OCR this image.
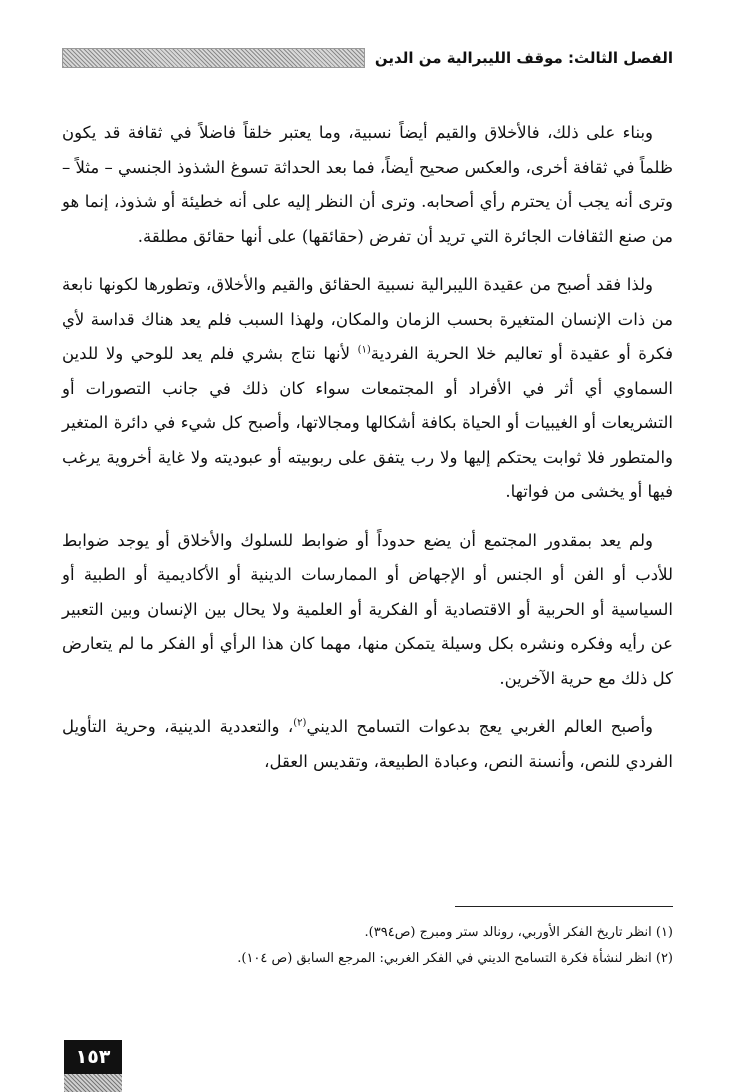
الفصل الثالث: موقف الليبرالية من الدين

وبناء على ذلك، فالأخلاق والقيم أيضاً نسبية، وما يعتبر خلقاً فاضلاً في ثقافة قد يكون ظلماً في ثقافة أخرى، والعكس صحيح أيضاً، فما بعد الحداثة تسوغ الشذوذ الجنسي – مثلاً – وترى أنه يجب أن يحترم رأي أصحابه. وترى أن النظر إليه على أنه خطيئة أو شذوذ، إنما هو من صنع الثقافات الجائرة التي تريد أن تفرض (حقائقها) على أنها حقائق مطلقة.

ولذا فقد أصبح من عقيدة الليبرالية نسبية الحقائق والقيم والأخلاق، وتطورها لكونها نابعة من ذات الإنسان المتغيرة بحسب الزمان والمكان، ولهذا السبب فلم يعد هناك قداسة لأي فكرة أو عقيدة أو تعاليم خلا الحرية الفردية$^{(١)}$ لأنها نتاج بشري فلم يعد للوحي ولا للدين السماوي أي أثر في الأفراد أو المجتمعات سواء كان ذلك في جانب التصورات أو التشريعات أو الغيبيات أو الحياة بكافة أشكالها ومجالاتها، وأصبح كل شيء في دائرة المتغير والمتطور فلا ثوابت يحتكم إليها ولا رب يتفق على ربوبيته أو عبوديته ولا غاية أخروية يرغب فيها أو يخشى من فواتها.

ولم يعد بمقدور المجتمع أن يضع حدوداً أو ضوابط للسلوك والأخلاق أو يوجد ضوابط للأدب أو الفن أو الجنس أو الإجهاض أو الممارسات الدينية أو الأكاديمية أو الطبية أو السياسية أو الحربية أو الاقتصادية أو الفكرية أو العلمية ولا يحال بين الإنسان وبين التعبير عن رأيه وفكره ونشره بكل وسيلة يتمكن منها، مهما كان هذا الرأي أو الفكر ما لم يتعارض كل ذلك مع حرية الآخرين.

وأصبح العالم الغربي يعج بدعوات التسامح الديني$^{(٢)}$، والتعددية الدينية، وحرية التأويل الفردي للنص، وأنسنة النص، وعبادة الطبيعة، وتقديس العقل،

(١) انظر تاريخ الفكر الأوربي، رونالد ستر ومبرج (ص٣٩٤).

(٢) انظر لنشأة فكرة التسامح الديني في الفكر الغربي: المرجع السابق (ص ١٠٤).

١٥٣
